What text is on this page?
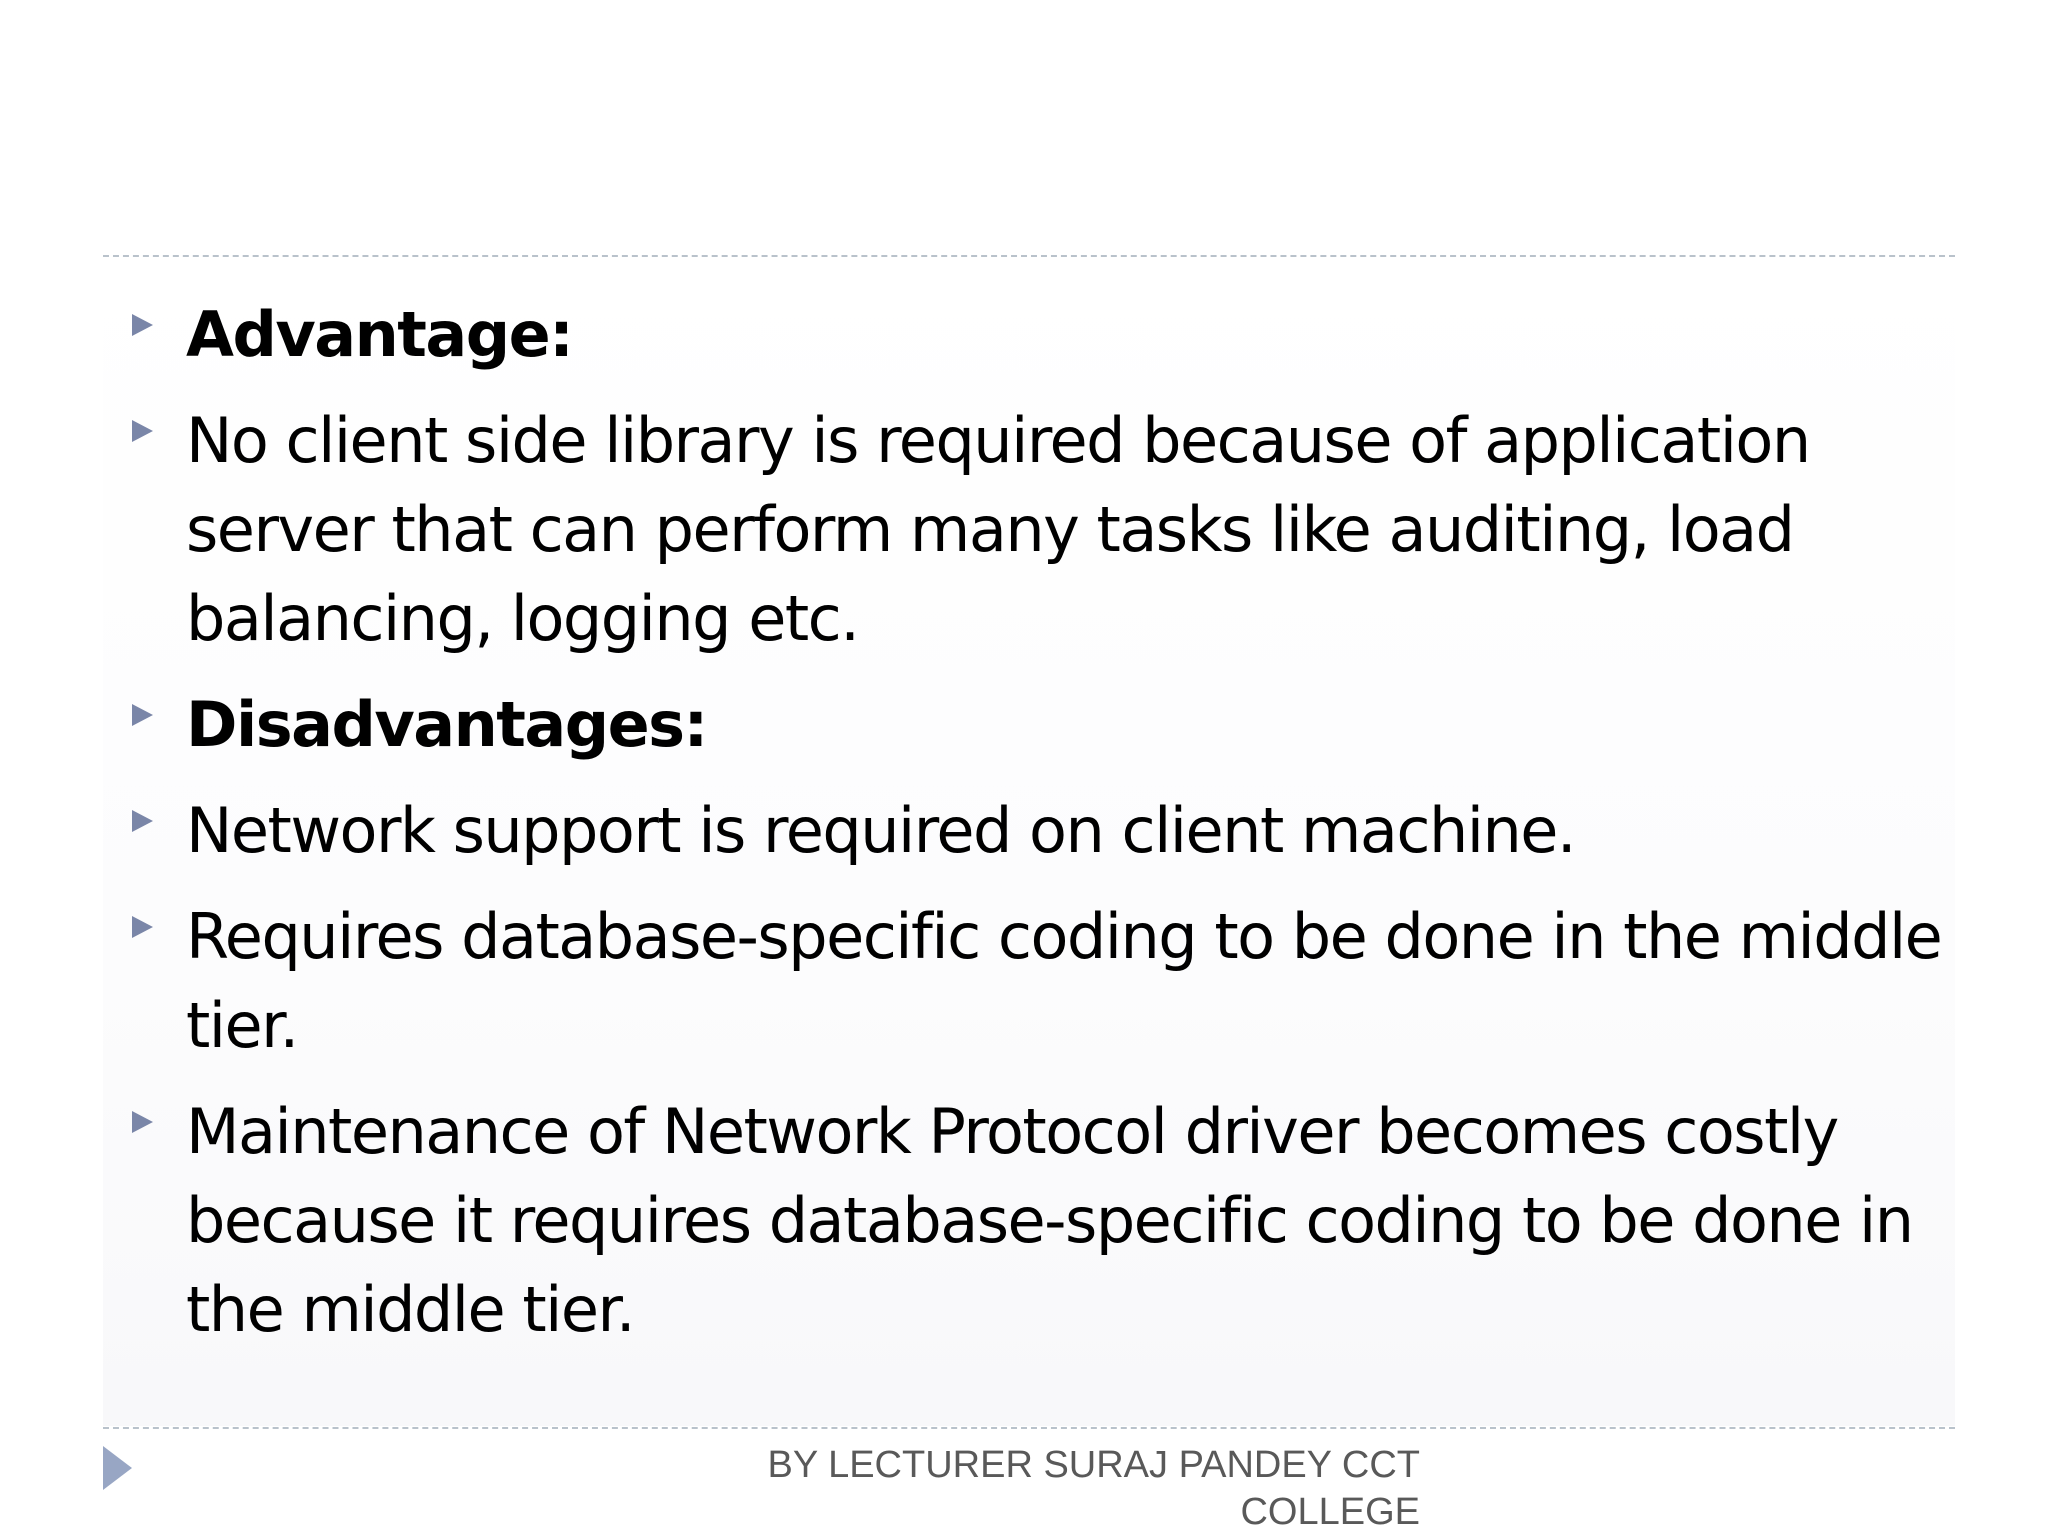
Advantage:
No client side library is required because of application server that can perform many tasks like auditing, load balancing, logging etc.
Disadvantages:
Network support is required on client machine.
Requires database-specific coding to be done in the middle tier.
Maintenance of Network Protocol driver becomes costly because it requires database-specific coding to be done in the middle tier.
BY LECTURER SURAJ PANDEY CCT
COLLEGE
